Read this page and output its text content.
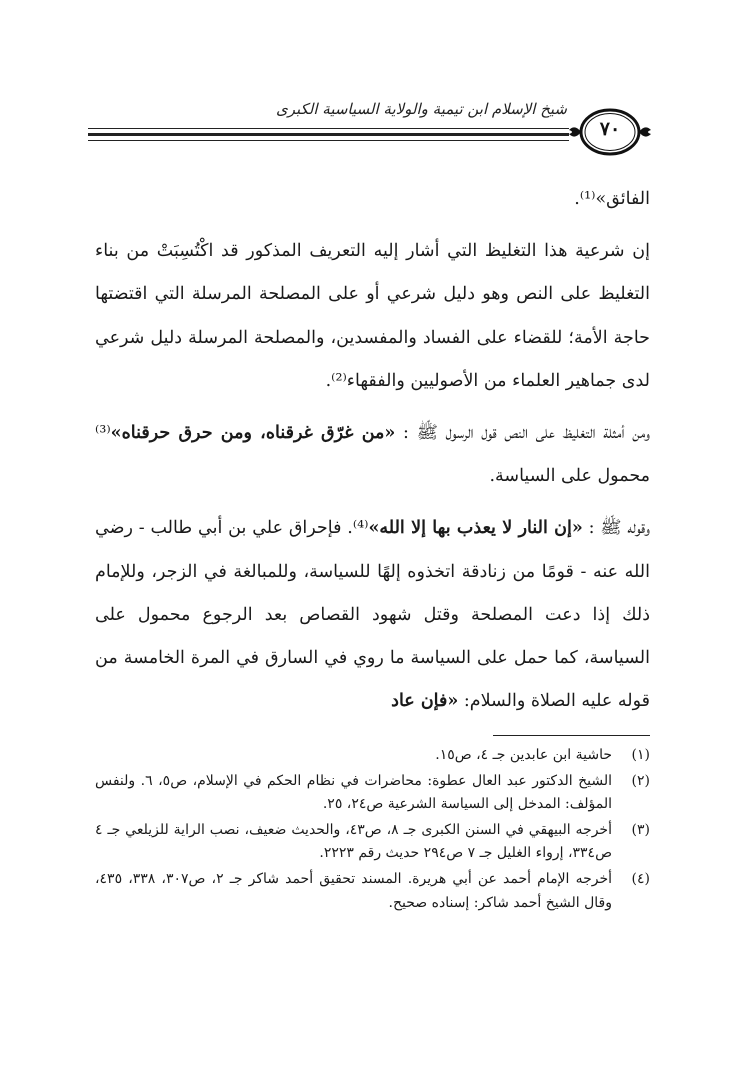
شيخ الإسلام ابن تيمية والولاية السياسية الكبرى
٧٠

الفائق»⁽¹⁾.

إن شرعية هذا التغليظ التي أشار إليه التعريف المذكور قد اكْتُسِبَتْ من بناء التغليظ على النص وهو دليل شرعي أو على المصلحة المرسلة التي اقتضتها حاجة الأمة؛ للقضاء على الفساد والمفسدين، والمصلحة المرسلة دليل شرعي لدى جماهير العلماء من الأصوليين والفقهاء⁽²⁾.

ومن أمثلة التغليظ على النص قول الرسول ﷺ : «من غرّق غرقناه، ومن حرق حرقناه»⁽³⁾ محمول على السياسة.

وقوله ﷺ : «إن النار لا يعذب بها إلا الله»⁽⁴⁾. فإحراق علي بن أبي طالب - رضي الله عنه - قومًا من زنادقة اتخذوه إلهًا للسياسة، وللمبالغة في الزجر، وللإمام ذلك إذا دعت المصلحة وقتل شهود القصاص بعد الرجوع محمول على السياسة، كما حمل على السياسة ما روي في السارق في المرة الخامسة من قوله عليه الصلاة والسلام: «فإن عاد

(١)
حاشية ابن عابدين جـ ٤، ص١٥.
(٢)
الشيخ الدكتور عبد العال عطوة: محاضرات في نظام الحكم في الإسلام، ص٥، ٦. ولنفس المؤلف: المدخل إلى السياسة الشرعية ص٢٤، ٢٥.
(٣)
أخرجه البيهقي في السنن الكبرى جـ ٨، ص٤٣، والحديث ضعيف، نصب الراية للزيلعي جـ ٤ ص٣٣٤، إرواء الغليل جـ ٧ ص٢٩٤ حديث رقم ٢٢٢٣.
(٤)
أخرجه الإمام أحمد عن أبي هريرة. المسند تحقيق أحمد شاكر جـ ٢، ص٣٠٧، ٣٣٨، ٤٣٥، وقال الشيخ أحمد شاكر: إسناده صحيح.
